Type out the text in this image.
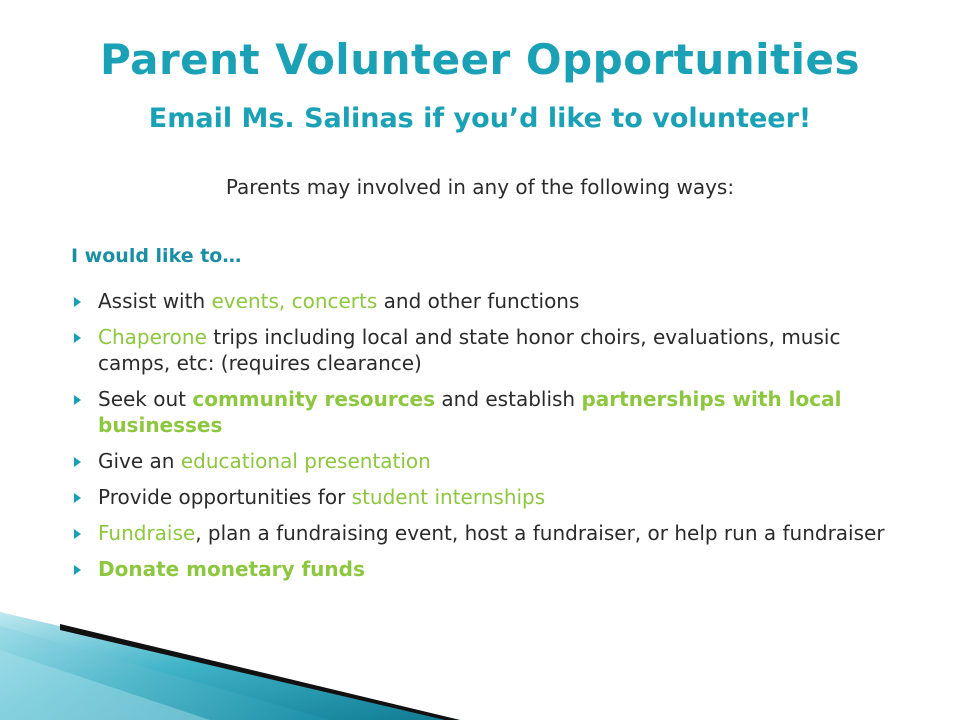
Parent Volunteer Opportunities
Email Ms. Salinas if you’d like to volunteer!
Parents may involved in any of the following ways:
I would like to…
Assist with events, concerts and other functions
Chaperone trips including local and state honor choirs, evaluations, music camps, etc: (requires clearance)
Seek out community resources and establish partnerships with local businesses
Give an educational presentation
Provide opportunities for student internships
Fundraise, plan a fundraising event, host a fundraiser, or help run a fundraiser
Donate monetary funds
